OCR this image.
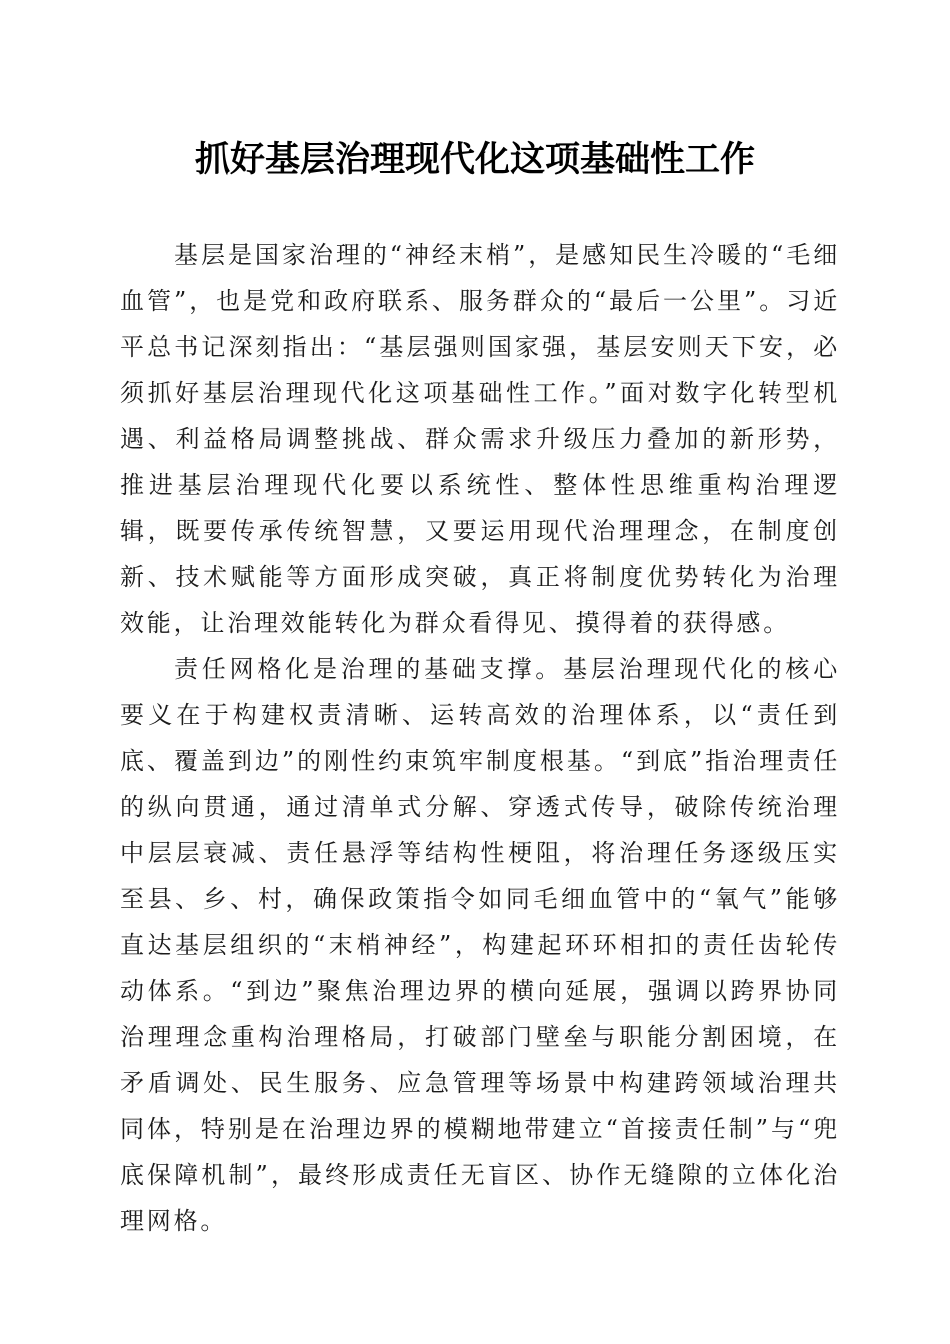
抓好基层治理现代化这项基础性工作

基层是国家治理的“神经末梢”，是感知民生冷暖的“毛细血管”，也是党和政府联系、服务群众的“最后一公里”。习近平总书记深刻指出：“基层强则国家强，基层安则天下安，必须抓好基层治理现代化这项基础性工作。”面对数字化转型机遇、利益格局调整挑战、群众需求升级压力叠加的新形势，推进基层治理现代化要以系统性、整体性思维重构治理逻辑，既要传承传统智慧，又要运用现代治理理念，在制度创新、技术赋能等方面形成突破，真正将制度优势转化为治理效能，让治理效能转化为群众看得见、摸得着的获得感。

责任网格化是治理的基础支撑。基层治理现代化的核心要义在于构建权责清晰、运转高效的治理体系，以“责任到底、覆盖到边”的刚性约束筑牢制度根基。“到底”指治理责任的纵向贯通，通过清单式分解、穿透式传导，破除传统治理中层层衰减、责任悬浮等结构性梗阻，将治理任务逐级压实至县、乡、村，确保政策指令如同毛细血管中的“氧气”能够直达基层组织的“末梢神经”，构建起环环相扣的责任齿轮传动体系。“到边”聚焦治理边界的横向延展，强调以跨界协同治理理念重构治理格局，打破部门壁垒与职能分割困境，在矛盾调处、民生服务、应急管理等场景中构建跨领域治理共同体，特别是在治理边界的模糊地带建立“首接责任制”与“兜底保障机制”，最终形成责任无盲区、协作无缝隙的立体化治理网格。
